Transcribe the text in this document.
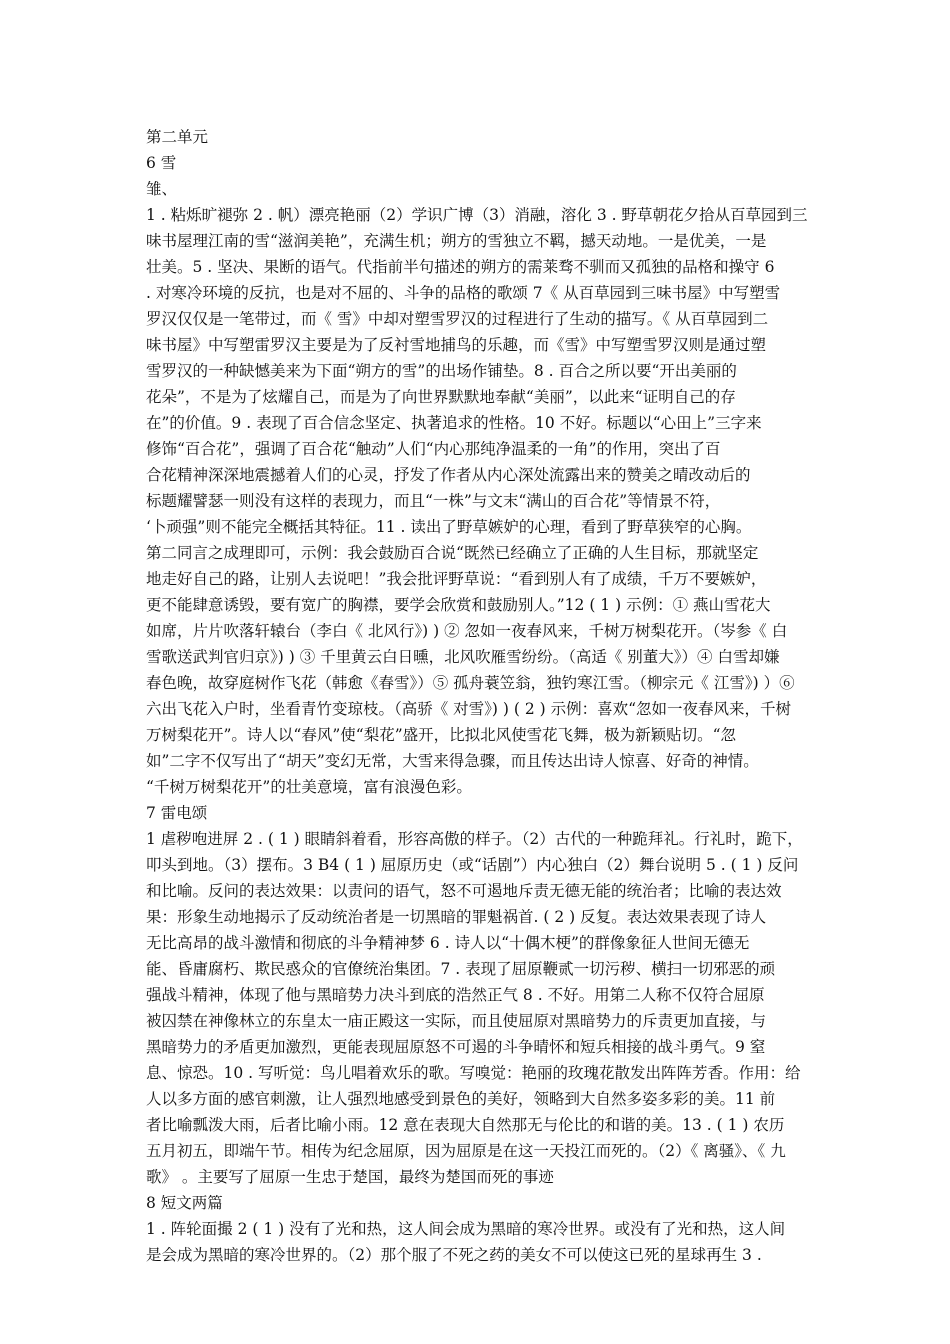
第二单元

6 雪

雏、

1 . 粘烁旷褪弥 2 . 帆）漂亮艳丽（2）学识广博（3）消融，溶化 3 . 野草朝花夕拾从百草园到三

味书屋理江南的雪“滋润美艳”，充满生机；朔方的雪独立不羁，撼天动地。一是优美，一是

壮美。5 . 坚决、果断的语气。代指前半句描述的朔方的需莱骛不驯而又孤独的品格和操守 6

. 对寒冷环境的反抗，也是对不屈的、斗争的品格的歌颂 7《 从百草园到三味书屋》中写塑雪

罗汉仅仅是一笔带过，而《 雪》中却对塑雪罗汉的过程进行了生动的描写。《 从百草园到二

味书屋》中写塑雷罗汉主要是为了反衬雪地捕鸟的乐趣，而《雪》中写塑雪罗汉则是通过塑

雪罗汉的一种缺憾美来为下面“朔方的雪”的出场作铺垫。8 . 百合之所以要“开出美丽的

花朵”，不是为了炫耀自己，而是为了向世界默默地奉献“美丽”，以此来“证明自己的存

在”的价值。9 . 表现了百合信念坚定、执著追求的性格。10 不好。标题以“心田上”三字来

修饰“百合花”，强调了百合花“触动”人们“内心那纯净温柔的一角”的作用，突出了百

合花精神深深地震撼着人们的心灵，抒发了作者从内心深处流露出来的赞美之晴改动后的

标题耀譬瑟一则没有这样的表现力，而且“一株”与文末“满山的百合花”等情景不符，

‘卜顽强”则不能完全概括其特征。11 . 读出了野草嫉妒的心理，看到了野草狭窄的心胸。

第二同言之成理即可，示例：我会鼓励百合说“既然已经确立了正确的人生目标，那就坚定

地走好自己的路，让别人去说吧！”我会批评野草说：“看到别人有了成绩，千万不要嫉妒，

更不能肆意诱毁，要有宽广的胸襟，要学会欣赏和鼓励别人。”12 ( 1 ) 示例：① 燕山雪花大

如席，片片吹落轩辕台（李白《 北风行》) ) ② 忽如一夜春风来，千树万树梨花开。（岑参《 白

雪歌送武判官归京》) ) ③ 千里黄云白日曛，北风吹雁雪纷纷。（高适《 别董大》）④ 白雪却嫌

春色晚，故穿庭树作飞花（韩愈《春雪》）⑤ 孤舟蓑笠翁，独钓寒江雪。（柳宗元《 江雪》) ）⑥

六出飞花入户时，坐看青竹变琼枝。（高骄《 对雪》) ) ( 2 ) 示例：喜欢“忽如一夜春风来，千树

万树梨花开”。诗人以“春风”使“梨花”盛开，比拟北风使雪花飞舞，极为新颖贴切。“忽

如”二字不仅写出了“胡天”变幻无常，大雪来得急骤，而且传达出诗人惊喜、好奇的神情。

“千树万树梨花开”的壮美意境，富有浪漫色彩。

7 雷电颂

1 虐秽咆进屏 2 . ( 1 ) 眼睛斜着看，形容高傲的样子。（2）古代的一种跪拜礼。行礼时，跪下，

叩头到地。（3）摆布。3 B4 ( 1 ) 屈原历史（或“话剧”）内心独白（2）舞台说明 5 . ( 1 ) 反问

和比喻。反问的表达效果：以责问的语气，怒不可遏地斥责无德无能的统治者；比喻的表达效

果：形象生动地揭示了反动统治者是一切黑暗的罪魁祸首. ( 2 ) 反复。表达效果表现了诗人

无比高昂的战斗激情和彻底的斗争精神梦 6 . 诗人以“十偶木梗”的群像象征人世间无德无

能、昏庸腐朽、欺民惑众的官僚统治集团。7 . 表现了屈原鞭贰一切污秽、横扫一切邪恶的顽

强战斗精神，体现了他与黑暗势力决斗到底的浩然正气 8 . 不好。用第二人称不仅符合屈原

被囚禁在神像林立的东皇太一庙正殿这一实际，而且使屈原对黑暗势力的斥责更加直接，与

黑暗势力的矛盾更加激烈，更能表现屈原怒不可遏的斗争晴怀和短兵相接的战斗勇气。9 窒

息、惊恐。10 . 写听觉：鸟儿唱着欢乐的歌。写嗅觉：艳丽的玫瑰花散发出阵阵芳香。作用：给

人以多方面的感官刺激，让人强烈地感受到景色的美好，领略到大自然多姿多彩的美。11 前

者比喻瓢泼大雨，后者比喻小雨。12 意在表现大自然那无与伦比的和谐的美。13 . ( 1 ) 农历

五月初五，即端午节。相传为纪念屈原，因为屈原是在这一天投江而死的。（2）《 离骚》、《 九

歌》 。主要写了屈原一生忠于楚国，最终为楚国而死的事迹

8 短文两篇

1 . 阵轮面撮 2 ( 1 ) 没有了光和热，这人间会成为黑暗的寒冷世界。或没有了光和热，这人间

是会成为黑暗的寒冷世界的。（2）那个服了不死之药的美女不可以使这已死的星球再生 3 .
